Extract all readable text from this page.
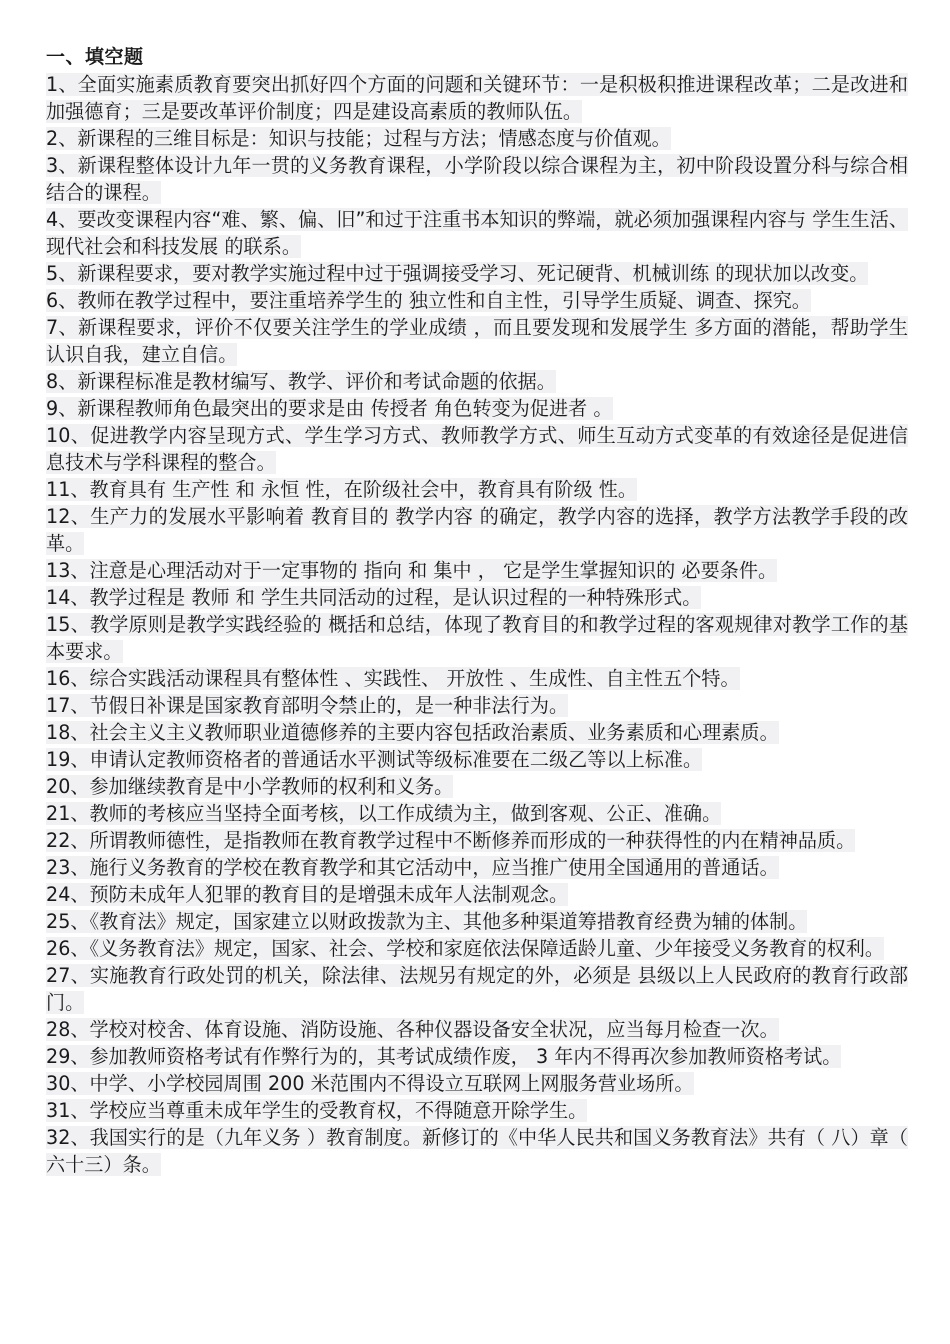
一、填空题
1、全面实施素质教育要突出抓好四个方面的问题和关键环节：一是积极积推进课程改革；二是改进和加强德育；三是要改革评价制度；四是建设高素质的教师队伍。
2、新课程的三维目标是：知识与技能；过程与方法；情感态度与价值观。
3、新课程整体设计九年一贯的义务教育课程，小学阶段以综合课程为主，初中阶段设置分科与综合相结合的课程。
4、要改变课程内容“难、繁、偏、旧”和过于注重书本知识的弊端，就必须加强课程内容与 学生生活、现代社会和科技发展 的联系。
5、新课程要求，要对教学实施过程中过于强调接受学习、死记硬背、机械训练 的现状加以改变。
6、教师在教学过程中，要注重培养学生的 独立性和自主性，引导学生质疑、调查、探究。
7、新课程要求，评价不仅要关注学生的学业成绩 ，而且要发现和发展学生 多方面的潜能，帮助学生认识自我，建立自信。
8、新课程标准是教材编写、教学、评价和考试命题的依据。
9、新课程教师角色最突出的要求是由 传授者 角色转变为促进者 。
10、促进教学内容呈现方式、学生学习方式、教师教学方式、师生互动方式变革的有效途径是促进信息技术与学科课程的整合。
11、教育具有 生产性 和 永恒 性，在阶级社会中，教育具有阶级 性。
12、生产力的发展水平影响着 教育目的 教学内容 的确定，教学内容的选择，教学方法教学手段的改革。
13、注意是心理活动对于一定事物的 指向 和 集中 ， 它是学生掌握知识的 必要条件。
14、教学过程是 教师 和 学生共同活动的过程，是认识过程的一种特殊形式。
15、教学原则是教学实践经验的 概括和总结，体现了教育目的和教学过程的客观规律对教学工作的基本要求。
16、综合实践活动课程具有整体性 、实践性、 开放性 、生成性、自主性五个特。
17、节假日补课是国家教育部明令禁止的，是一种非法行为。
18、社会主义主义教师职业道德修养的主要内容包括政治素质、业务素质和心理素质。
19、申请认定教师资格者的普通话水平测试等级标准要在二级乙等以上标准。
20、参加继续教育是中小学教师的权利和义务。
21、教师的考核应当坚持全面考核，以工作成绩为主，做到客观、公正、准确。
22、所谓教师德性，是指教师在教育教学过程中不断修养而形成的一种获得性的内在精神品质。
23、施行义务教育的学校在教育教学和其它活动中，应当推广使用全国通用的普通话。
24、预防未成年人犯罪的教育目的是增强未成年人法制观念。
25、《教育法》规定，国家建立以财政拨款为主、其他多种渠道筹措教育经费为辅的体制。
26、《义务教育法》规定，国家、社会、学校和家庭依法保障适龄儿童、少年接受义务教育的权利。
27、实施教育行政处罚的机关，除法律、法规另有规定的外，必须是 县级以上人民政府的教育行政部门。
28、学校对校舍、体育设施、消防设施、各种仪器设备安全状况，应当每月检查一次。
29、参加教师资格考试有作弊行为的，其考试成绩作废， 3 年内不得再次参加教师资格考试。
30、中学、小学校园周围 200 米范围内不得设立互联网上网服务营业场所。
31、学校应当尊重未成年学生的受教育权，不得随意开除学生。
32、我国实行的是（九年义务 ）教育制度。新修订的《中华人民共和国义务教育法》共有（ 八）章（ 六十三）条。
